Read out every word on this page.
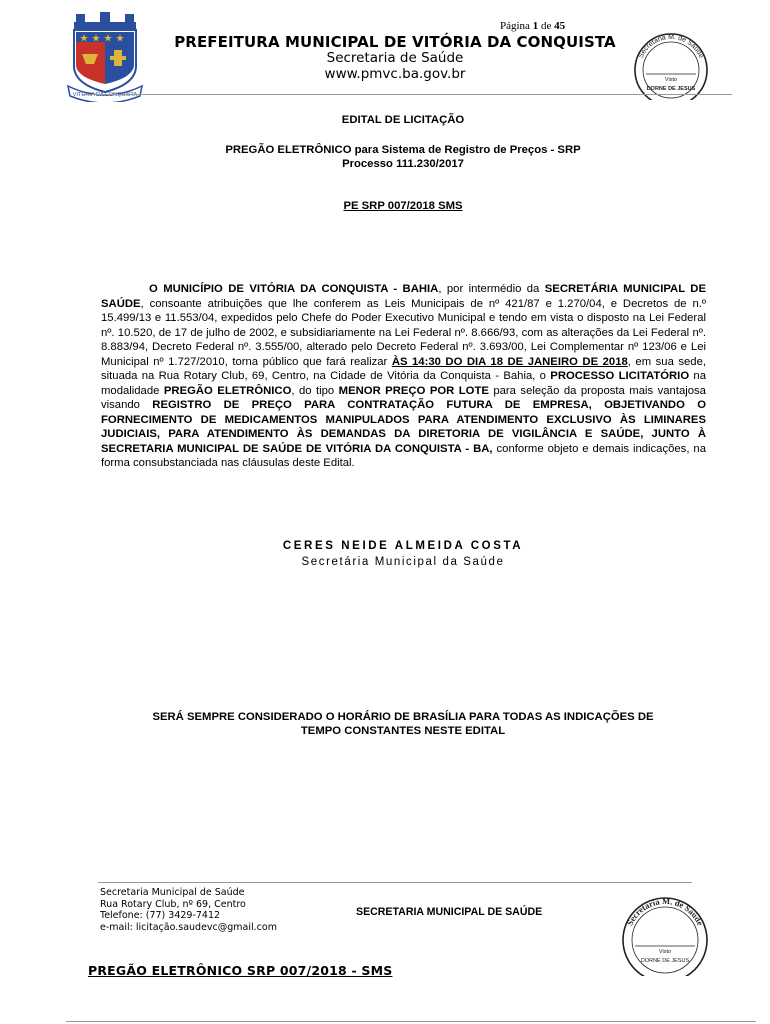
Página 1 de 45
VITÓRIA DA CONQUISTA
PREFEITURA MUNICIPAL DE VITÓRIA DA CONQUISTA
Secretaria de Saúde
www.pmvc.ba.gov.br
Secretaria M. de Saúde
Visto
DORNE DE JESUS
EDITAL DE LICITAÇÃO
PREGÃO ELETRÔNICO para Sistema de Registro de Preços - SRP
Processo 111.230/2017
PE SRP 007/2018 SMS
O MUNICÍPIO DE VITÓRIA DA CONQUISTA - BAHIA, por intermédio da SECRETÁRIA MUNICIPAL DE SAÚDE, consoante atribuições que lhe conferem as Leis Municipais de nº 421/87 e 1.270/04, e Decretos de n.º 15.499/13 e 11.553/04, expedidos pelo Chefe do Poder Executivo Municipal e tendo em vista o disposto na Lei Federal nº. 10.520, de 17 de julho de 2002, e subsidiariamente na Lei Federal nº. 8.666/93, com as alterações da Lei Federal nº. 8.883/94, Decreto Federal nº. 3.555/00, alterado pelo Decreto Federal nº. 3.693/00, Lei Complementar nº 123/06 e Lei Municipal nº 1.727/2010, torna público que fará realizar ÀS 14:30 DO DIA 18 DE JANEIRO DE 2018, em sua sede, situada na Rua Rotary Club, 69, Centro, na Cidade de Vitória da Conquista - Bahia, o PROCESSO LICITATÓRIO na modalidade PREGÃO ELETRÔNICO, do tipo MENOR PREÇO POR LOTE para seleção da proposta mais vantajosa visando REGISTRO DE PREÇO PARA CONTRATAÇÃO FUTURA DE EMPRESA, OBJETIVANDO O FORNECIMENTO DE MEDICAMENTOS MANIPULADOS PARA ATENDIMENTO EXCLUSIVO ÀS LIMINARES JUDICIAIS, PARA ATENDIMENTO ÀS DEMANDAS DA DIRETORIA DE VIGILÂNCIA E SAÚDE, JUNTO À SECRETARIA MUNICIPAL DE SAÚDE DE VITÓRIA DA CONQUISTA - BA, conforme objeto e demais indicações, na forma consubstanciada nas cláusulas deste Edital.
CERES NEIDE ALMEIDA COSTA
Secretária Municipal da Saúde
SERÁ SEMPRE CONSIDERADO O HORÁRIO DE BRASÍLIA PARA TODAS AS INDICAÇÕES DE
TEMPO CONSTANTES NESTE EDITAL
Secretaria Municipal de Saúde
Rua Rotary Club, nº 69, Centro
Telefone: (77) 3429-7412
e-mail: licitação.saudevc@gmail.com
SECRETARIA MUNICIPAL DE SAÚDE
Secretaria M. de Saúde
Visto
DORNE DE JESUS
PREGÃO ELETRÔNICO SRP 007/2018 - SMS
